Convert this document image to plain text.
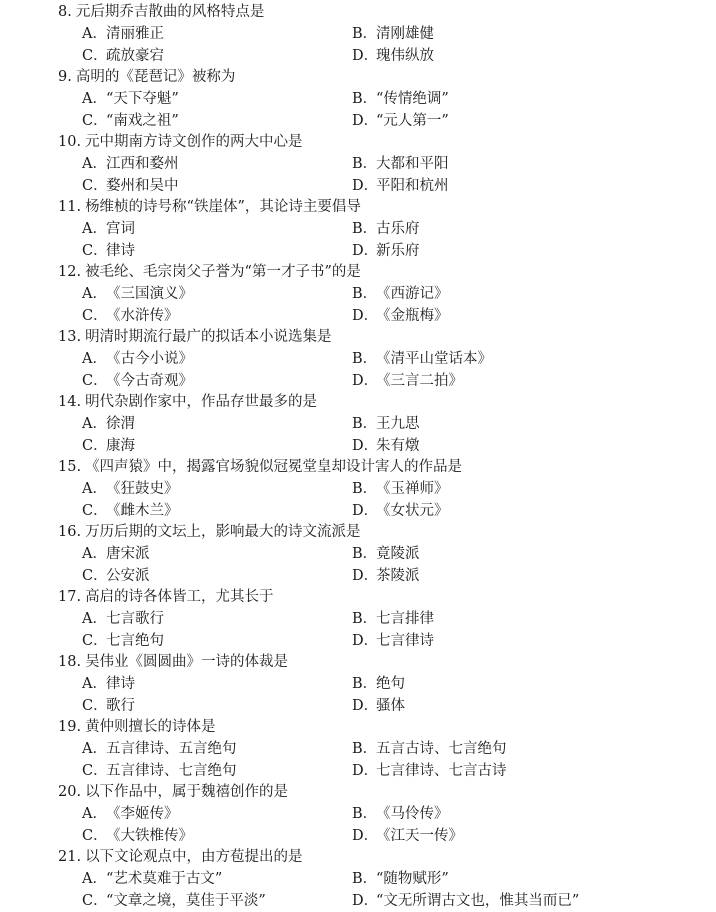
8. 元后期乔吉散曲的风格特点是
A．清丽雅正	B．清刚雄健
C．疏放豪宕	D．瑰伟纵放
9. 高明的《琵琶记》被称为
A．“天下夺魁”	B．“传情绝调”
C．“南戏之祖”	D．“元人第一”
10. 元中期南方诗文创作的两大中心是
A．江西和婺州	B．大都和平阳
C．婺州和吴中	D．平阳和杭州
11. 杨维桢的诗号称“铁崖体”，其论诗主要倡导
A．宫词	B．古乐府
C．律诗	D．新乐府
12. 被毛纶、毛宗岗父子誉为“第一才子书”的是
A．《三国演义》	B．《西游记》
C．《水浒传》	D．《金瓶梅》
13. 明清时期流行最广的拟话本小说选集是
A．《古今小说》	B．《清平山堂话本》
C．《今古奇观》	D．《三言二拍》
14. 明代杂剧作家中，作品存世最多的是
A．徐渭	B．王九思
C．康海	D．朱有燉
15. 《四声猿》中，揭露官场貌似冠冕堂皇却设计害人的作品是
A．《狂鼓史》	B．《玉禅师》
C．《雌木兰》	D．《女状元》
16. 万历后期的文坛上，影响最大的诗文流派是
A．唐宋派	B．竟陵派
C．公安派	D．茶陵派
17. 高启的诗各体皆工，尤其长于
A．七言歌行	B．七言排律
C．七言绝句	D．七言律诗
18. 吴伟业《圆圆曲》一诗的体裁是
A．律诗	B．绝句
C．歌行	D．骚体
19. 黄仲则擅长的诗体是
A．五言律诗、五言绝句	B．五言古诗、七言绝句
C．五言律诗、七言绝句	D．七言律诗、七言古诗
20. 以下作品中，属于魏禧创作的是
A．《李姬传》	B．《马伶传》
C．《大铁椎传》	D．《江天一传》
21. 以下文论观点中，由方苞提出的是
A．“艺术莫难于古文”	B．“随物赋形”
C．“文章之境，莫佳于平淡”	D．“文无所谓古文也，惟其当而已”
